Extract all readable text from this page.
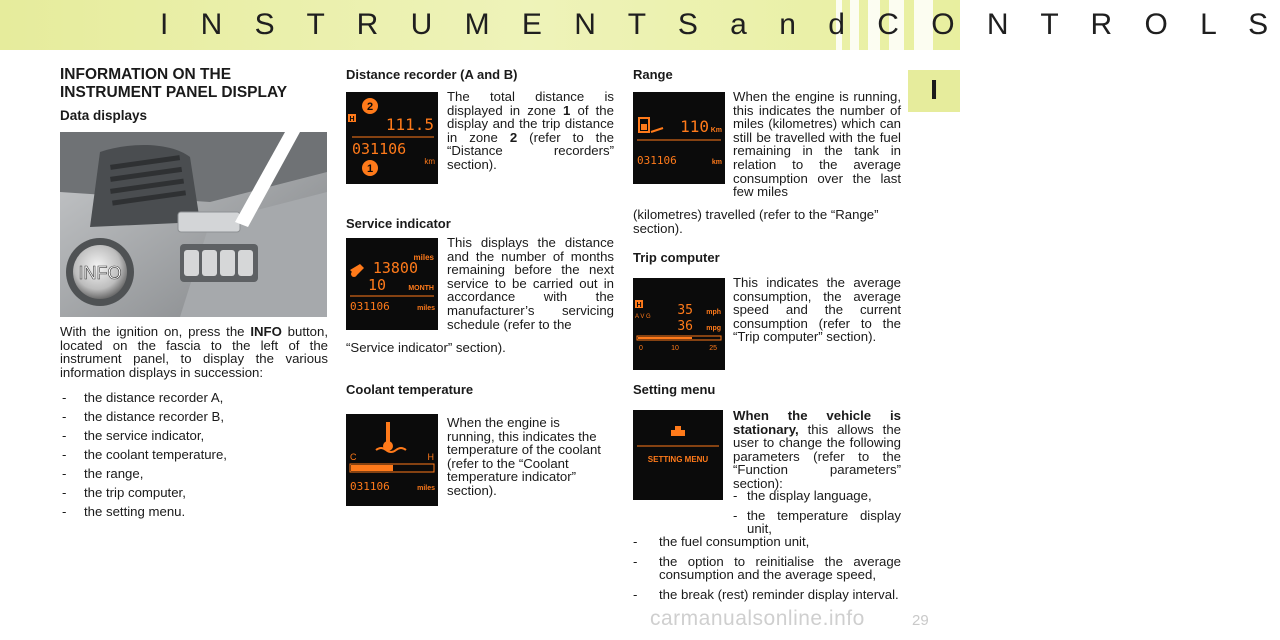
I N S T R U M E N T S a n d C O N T R O L S
I
INFORMATION ON THE INSTRUMENT PANEL DISPLAY
Data displays
INFO
With the ignition on, press the INFO button, located on the fascia to the left of the instrument panel, to display the various information displays in succession:
- the distance recorder A,
- the distance recorder B,
- the service indicator,
- the coolant temperature,
- the range,
- the trip computer,
- the setting menu.
Distance recorder (A and B)
2
H 111.5
031106
1
km
The total distance is displayed in zone 1 of the display and the trip distance in zone 2 (refer to the “Distance recorders” section).
Service indicator
miles
13800
10	MONTH
031106	miles
This displays the distance and the number of months remaining before the next service to be carried out in accordance with the manufacturer’s servicing schedule (refer to the
“Service indicator” section).
Coolant temperature
C	H
031106	miles
When the engine is running, this indicates the temperature of the coolant (refer to the “Coolant temperature indicator” section).
Range
110 Km
031106	km
When the engine is running, this indicates the number of miles (kilometres) which can still be travelled with the fuel remaining in the tank in relation to the average consumption over the last few miles
(kilometres) travelled (refer to the “Range” section).
Trip computer
H
A V G 35 mph
36 mpg
0	10	25
This indicates the average consumption, the average speed and the current consumption (refer to the “Trip computer” section).
Setting menu
SETTING MENU
When the vehicle is stationary, this allows the user to change the following parameters (refer to the “Function parameters” section):
- the display language,
- the temperature display unit,
- the fuel consumption unit,
- the option to reinitialise the average consumption and the average speed,
- the break (rest) reminder display interval.
carmanualsonline.info	29
